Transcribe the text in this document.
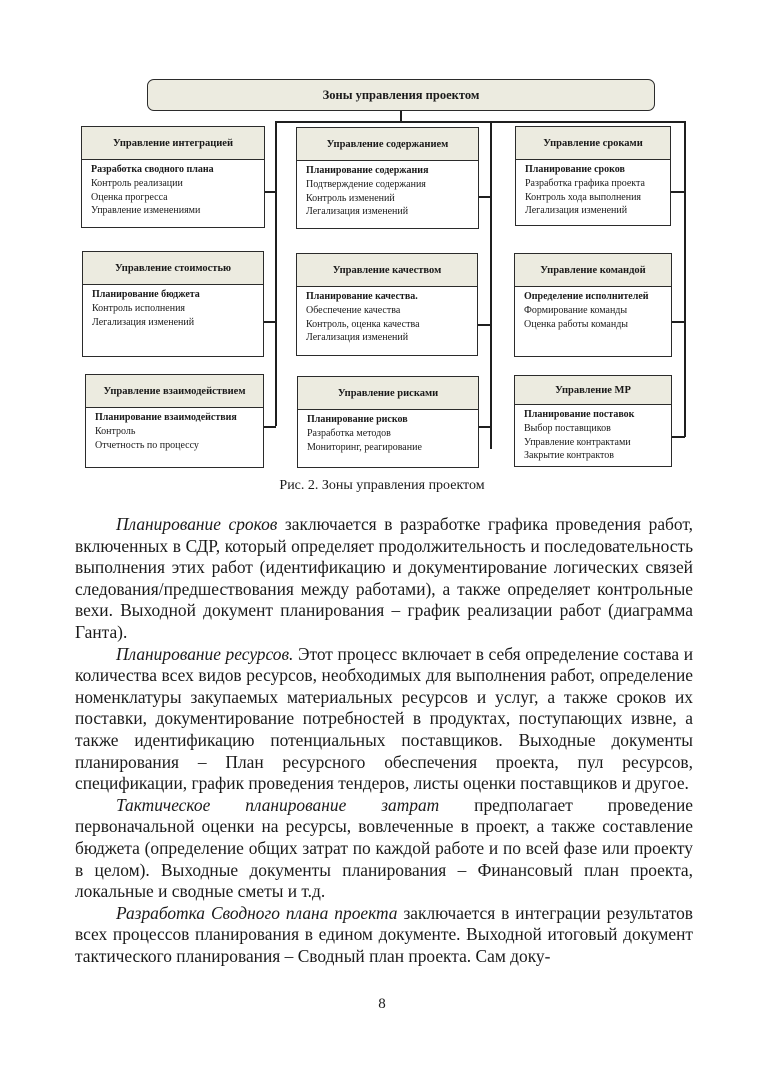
Зоны управления проектом
Управление интеграцией
Разработка сводного плана
Контроль реализации
Оценка прогресса
Управление изменениями
Управление содержанием
Планирование содержания
Подтверждение содержания
Контроль изменений
Легализация изменений
Управление сроками
Планирование сроков
Разработка графика проекта
Контроль хода выполнения
Легализация изменений
Управление стоимостью
Планирование бюджета
Контроль исполнения
Легализация изменений
Управление качеством
Планирование качества.
Обеспечение качества
Контроль, оценка качества
Легализация изменений
Управление командой
Определение исполнителей
Формирование команды
Оценка работы команды
Управление взаимодействием
Планирование взаимодействия
Контроль
Отчетность по процессу
Управление рисками
Планирование рисков
Разработка методов
Мониторинг, реагирование
Управление МР
Планирование поставок
Выбор поставщиков
Управление контрактами
Закрытие контрактов
Рис. 2. Зоны управления проектом

Планирование сроков заключается в разработке графика проведения работ, включенных в СДР, который определяет продолжительность и последовательность выполнения этих работ (идентификацию и документирование логических связей следования/предшествования между работами), а также определяет контрольные вехи. Выходной документ планирования – график реализации работ (диаграмма Ганта).

Планирование ресурсов. Этот процесс включает в себя определение состава и количества всех видов ресурсов, необходимых для выполнения работ, определение номенклатуры закупаемых материальных ресурсов и услуг, а также сроков их поставки, документирование потребностей в продуктах, поступающих извне, а также идентификацию потенциальных поставщиков. Выходные документы планирования – План ресурсного обеспечения проекта, пул ресурсов, спецификации, график проведения тендеров, листы оценки поставщиков и другое.

Тактическое планирование затрат предполагает проведение первоначальной оценки на ресурсы, вовлеченные в проект, а также составление бюджета (определение общих затрат по каждой работе и по всей фазе или проекту в целом). Выходные документы планирования – Финансовый план проекта, локальные и сводные сметы и т.д.

Разработка Сводного плана проекта заключается в интеграции результатов всех процессов планирования в едином документе. Выходной итоговый документ тактического планирования – Сводный план проекта. Сам доку-

8
